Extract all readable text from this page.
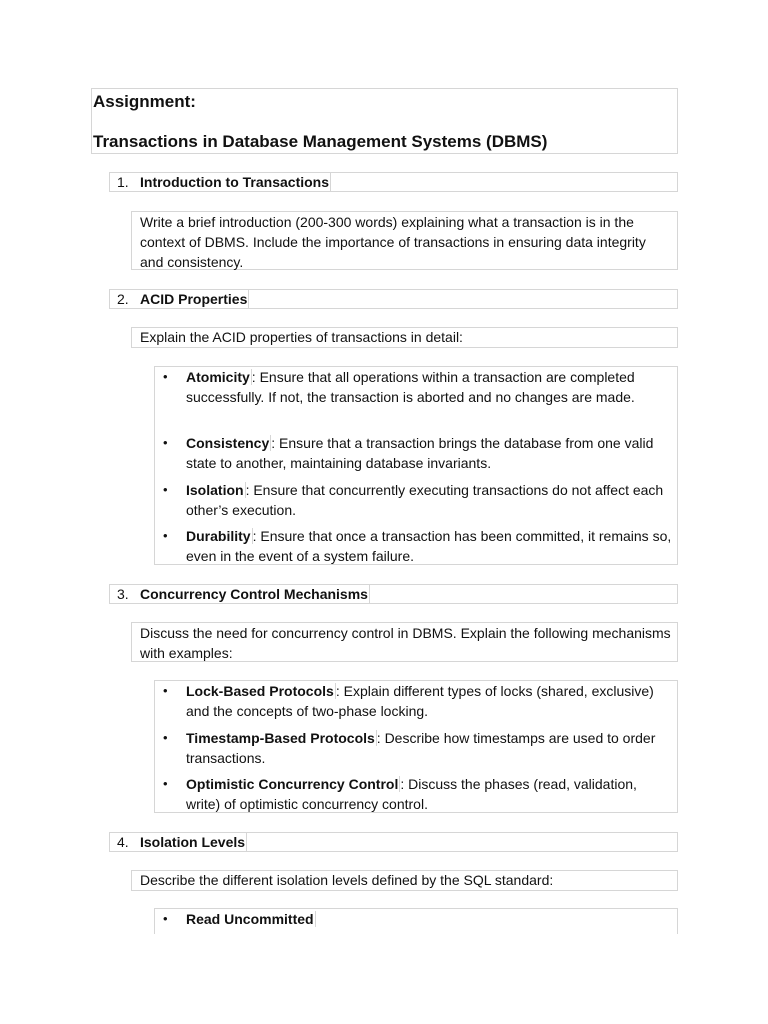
Assignment:
Transactions in Database Management Systems (DBMS)
1. Introduction to Transactions
Write a brief introduction (200-300 words) explaining what a transaction is in the context of DBMS. Include the importance of transactions in ensuring data integrity and consistency.
2. ACID Properties
Explain the ACID properties of transactions in detail:
• Atomicity : Ensure that all operations within a transaction are completed successfully. If not, the transaction is aborted and no changes are made.
• Consistency : Ensure that a transaction brings the database from one valid state to another, maintaining database invariants.
• Isolation : Ensure that concurrently executing transactions do not affect each other’s execution.
• Durability : Ensure that once a transaction has been committed, it remains so, even in the event of a system failure.
3. Concurrency Control Mechanisms
Discuss the need for concurrency control in DBMS. Explain the following mechanisms with examples:
• Lock-Based Protocols : Explain different types of locks (shared, exclusive) and the concepts of two-phase locking.
• Timestamp-Based Protocols : Describe how timestamps are used to order transactions.
• Optimistic Concurrency Control : Discuss the phases (read, validation, write) of optimistic concurrency control.
4. Isolation Levels
Describe the different isolation levels defined by the SQL standard:
• Read Uncommitted
